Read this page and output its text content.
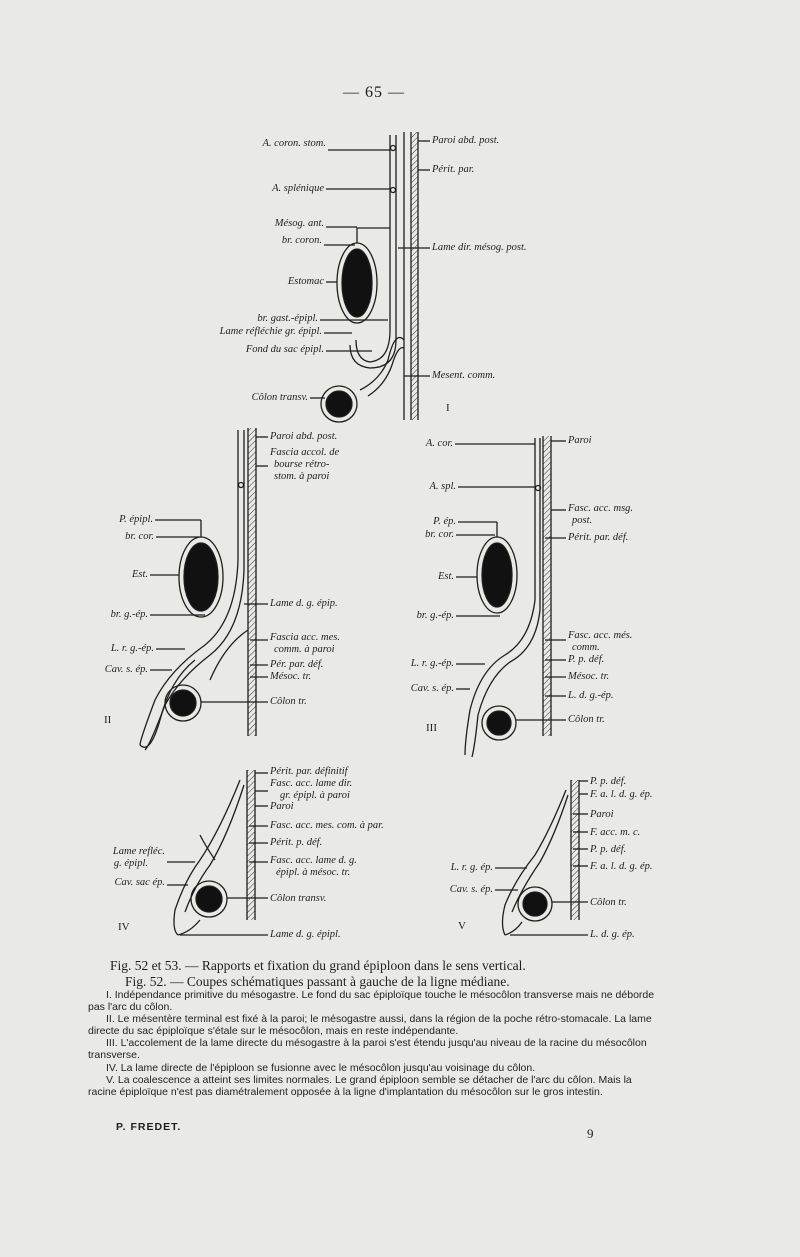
— 65 —
A. coron. stom.
A. splénique
Mésog. ant.
br. coron.
Estomac
br. gast.-épipl.
Lame réfléchie gr. épipl.
Fond du sac épipl.
Côlon transv.
Paroi abd. post.
Périt. par.
Lame dir. mésog. post.
Mesent. comm.
I
P. épipl.
br. cor.
Est.
br. g.-ép.
L. r. g.-ép.
Cav. s. ép.
Paroi abd. post.
Fascia accol. de
bourse rétro-
stom. à paroi
Lame d. g. épip.
Fascia acc. mes.
comm. à paroi
Pér. par. déf.
Mésoc. tr.
Côlon tr.
II
A. cor.
A. spl.
P. ép.
br. cor.
Est.
br. g.-ép.
L. r. g.-ép.
Cav. s. ép.
Paroi
Fasc. acc. msg.
post.
Périt. par. déf.
Fasc. acc. més.
comm.
P. p. déf.
Mésoc. tr.
L. d. g.-ép.
Côlon tr.
III
Lame refléc.
g. épipl.
Cav. sac ép.
Périt. par. définitif
Fasc. acc. lame dir.
gr. épipl. à paroi
Paroi
Fasc. acc. mes. com. à par.
Périt. p. déf.
Fasc. acc. lame d. g.
épipl. à mésoc. tr.
Côlon transv.
Lame d. g. épipl.
IV
L. r. g. ép.
Cav. s. ép.
P. p. déf.
F. a. l. d. g. ép.
Paroi
F. acc. m. c.
P. p. déf.
F. a. l. d. g. ép.
Côlon tr.
L. d. g. ép.
V
Fig. 52 et 53. — Rapports et fixation du grand épiploon dans le sens vertical.
Fig. 52. — Coupes schématiques passant à gauche de la ligne médiane.

I. Indépendance primitive du mésogastre. Le fond du sac épiploïque touche le mésocôlon transverse mais ne déborde pas l'arc du côlon.

II. Le mésentère terminal est fixé à la paroi; le mésogastre aussi, dans la région de la poche rétro-stomacale. La lame directe du sac épiploïque s'étale sur le mésocôlon, mais en reste indépendante.

III. L'accolement de la lame directe du mésogastre à la paroi s'est étendu jusqu'au niveau de la racine du mésocôlon transverse.

IV. La lame directe de l'épiploon se fusionne avec le mésocôlon jusqu'au voisinage du côlon.

V. La coalescence a atteint ses limites normales. Le grand épiploon semble se détacher de l'arc du côlon. Mais la racine épiploïque n'est pas diamétralement opposée à la ligne d'implantation du mésocôlon sur le gros intestin.

P. FREDET.	9
